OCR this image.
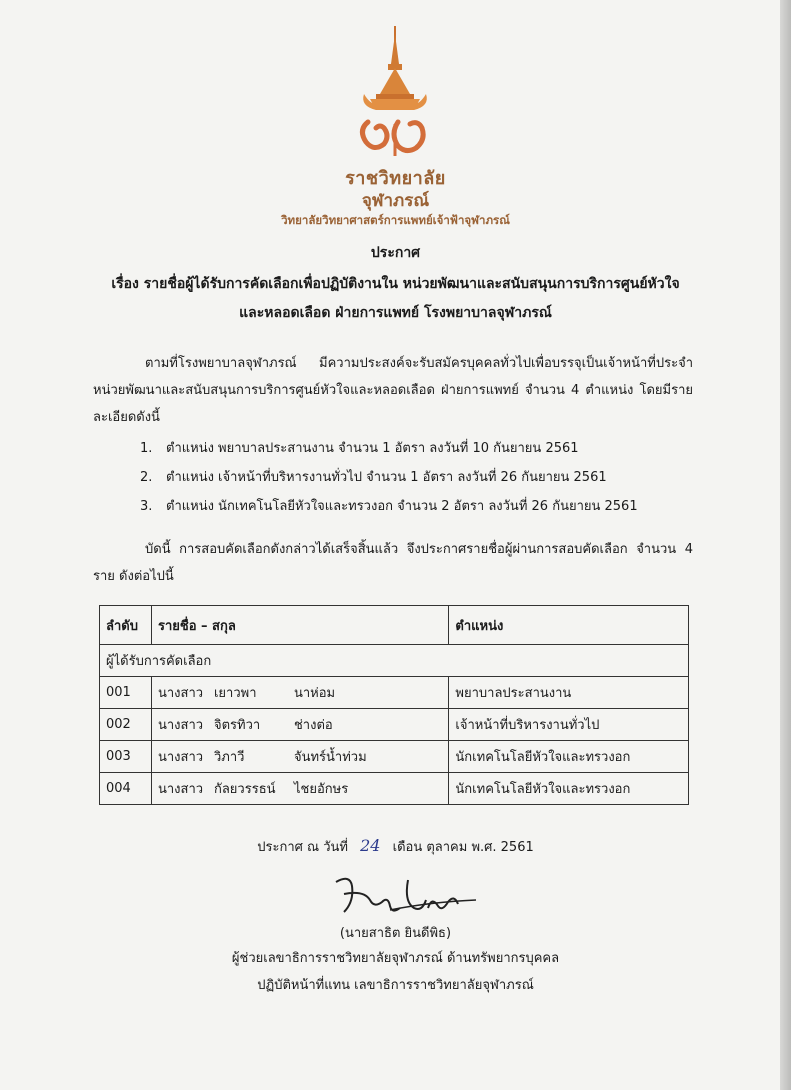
ราชวิทยาลัย
จุฬาภรณ์
วิทยาลัยวิทยาศาสตร์การแพทย์เจ้าฟ้าจุฬาภรณ์
ประกาศ
เรื่อง รายชื่อผู้ได้รับการคัดเลือกเพื่อปฏิบัติงานใน หน่วยพัฒนาและสนับสนุนการบริการศูนย์หัวใจ
และหลอดเลือด ฝ่ายการแพทย์ โรงพยาบาลจุฬาภรณ์
ตามที่โรงพยาบาลจุฬาภรณ์ มีความประสงค์จะรับสมัครบุคคลทั่วไปเพื่อบรรจุเป็นเจ้าหน้าที่ประจำหน่วยพัฒนาและสนับสนุนการบริการศูนย์หัวใจและหลอดเลือด ฝ่ายการแพทย์ จำนวน 4 ตำแหน่ง โดยมีรายละเอียดดังนี้
1. ตำแหน่ง พยาบาลประสานงาน จำนวน 1 อัตรา ลงวันที่ 10 กันยายน 2561
2. ตำแหน่ง เจ้าหน้าที่บริหารงานทั่วไป จำนวน 1 อัตรา ลงวันที่ 26 กันยายน 2561
3. ตำแหน่ง นักเทคโนโลยีหัวใจและทรวงอก จำนวน 2 อัตรา ลงวันที่ 26 กันยายน 2561
บัดนี้ การสอบคัดเลือกดังกล่าวได้เสร็จสิ้นแล้ว จึงประกาศรายชื่อผู้ผ่านการสอบคัดเลือก จำนวน 4 ราย ดังต่อไปนี้
ลำดับ	รายชื่อ – สกุล	ตำแหน่ง
ผู้ได้รับการคัดเลือก		
001	นางสาว เยาวพา นาห่อม	พยาบาลประสานงาน
002	นางสาว จิตรทิวา ช่างต่อ	เจ้าหน้าที่บริหารงานทั่วไป
003	นางสาว วิภาวี จันทร์น้ำท่วม	นักเทคโนโลยีหัวใจและทรวงอก
004	นางสาว กัลยวรรธน์ ไชยอักษร	นักเทคโนโลยีหัวใจและทรวงอก
ประกาศ ณ วันที่ 24 เดือน ตุลาคม พ.ศ. 2561
(นายสาธิต ยินดีพิธ)
ผู้ช่วยเลขาธิการราชวิทยาลัยจุฬาภรณ์ ด้านทรัพยากรบุคคล
ปฏิบัติหน้าที่แทน เลขาธิการราชวิทยาลัยจุฬาภรณ์
